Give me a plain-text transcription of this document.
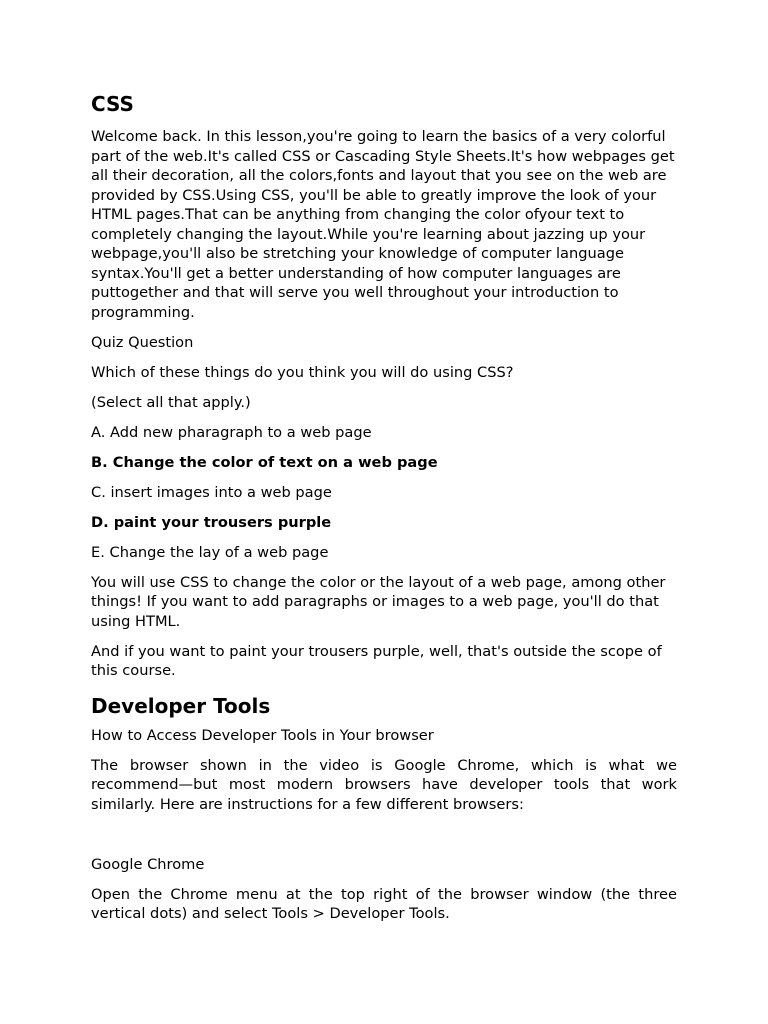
CSS

Welcome back. In this lesson,you're going to learn the basics of a very colorful part of the web.It's called CSS or Cascading Style Sheets.It's how webpages get all their decoration, all the colors,fonts and layout that you see on the web are provided by CSS.Using CSS, you'll be able to greatly improve the look of your HTML pages.That can be anything from changing the color ofyour text to completely changing the layout.While you're learning about jazzing up your webpage,you'll also be stretching your knowledge of computer language syntax.You'll get a better understanding of how computer languages are puttogether and that will serve you well throughout your introduction to programming.

Quiz Question

Which of these things do you think you will do using CSS?

(Select all that apply.)

A. Add new pharagraph to a web page

B. Change the color of text on a web page

C. insert images into a web page

D. paint your trousers purple

E. Change the lay of a web page

You will use CSS to change the color or the layout of a web page, among other things! If you want to add paragraphs or images to a web page, you'll do that using HTML.

And if you want to paint your trousers purple, well, that's outside the scope of this course.

Developer Tools

How to Access Developer Tools in Your browser

The browser shown in the video is Google Chrome, which is what we recommend—but most modern browsers have developer tools that work similarly. Here are instructions for a few different browsers:

Google Chrome

Open the Chrome menu at the top right of the browser window (the three vertical dots) and select Tools > Developer Tools.
